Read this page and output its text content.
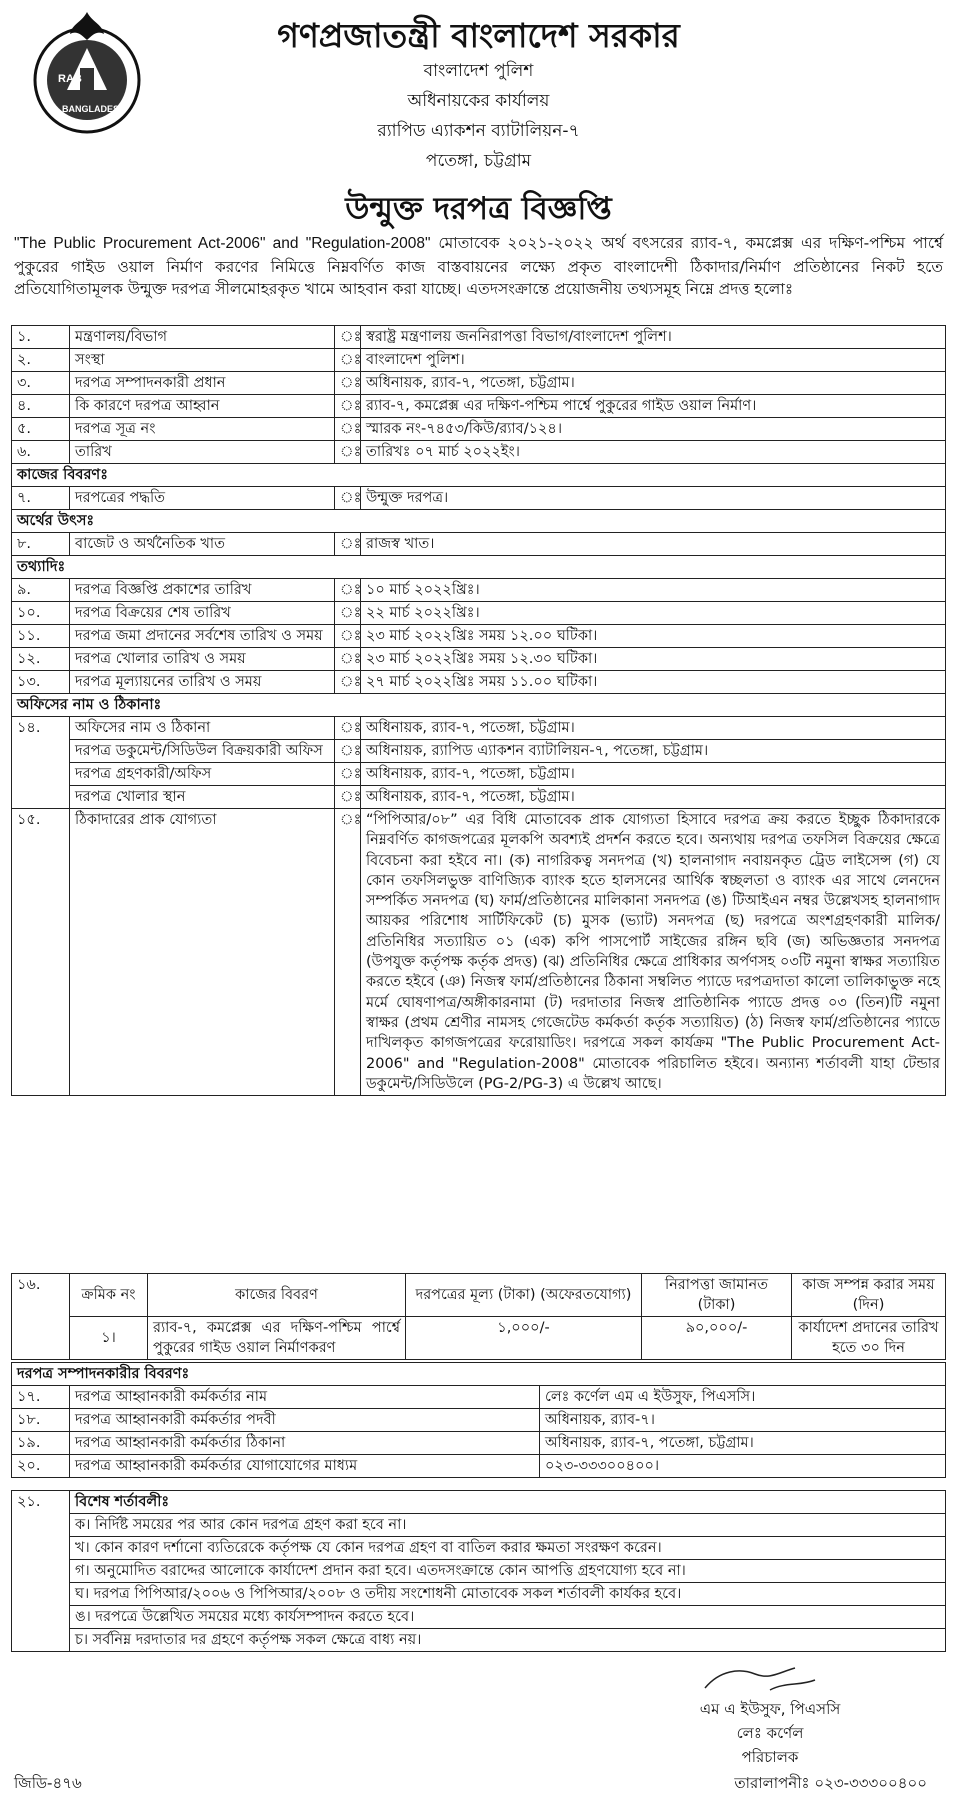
RAB
BANGLADESH
গণপ্রজাতন্ত্রী বাংলাদেশ সরকার
বাংলাদেশ পুলিশ
অধিনায়কের কার্যালয়
র‌্যাপিড এ্যাকশন ব্যাটালিয়ন-৭
পতেঙ্গা, চট্টগ্রাম
উন্মুক্ত দরপত্র বিজ্ঞপ্তি
"The Public Procurement Act-2006" and "Regulation-2008" মোতাবেক ২০২১-২০২২ অর্থ বৎসরের র‌্যাব-৭, কমপ্লেক্স এর দক্ষিণ-পশ্চিম পার্শ্বে পুকুরের গাইড ওয়াল নির্মাণ করণের নিমিত্তে নিম্নবর্ণিত কাজ বাস্তবায়নের লক্ষ্যে প্রকৃত বাংলাদেশী ঠিকাদার/নির্মাণ প্রতিষ্ঠানের নিকট হতে প্রতিযোগিতামূলক উন্মুক্ত দরপত্র সীলমোহরকৃত খামে আহবান করা যাচ্ছে। এতদসংক্রান্তে প্রয়োজনীয় তথ্যসমূহ নিম্নে প্রদত্ত হলোঃ
১.	মন্ত্রণালয়/বিভাগ	ঃ	স্বরাষ্ট্র মন্ত্রণালয় জননিরাপত্তা বিভাগ/বাংলাদেশ পুলিশ।
২.	সংস্থা	ঃ	বাংলাদেশ পুলিশ।
৩.	দরপত্র সম্পাদনকারী প্রধান	ঃ	অধিনায়ক, র‌্যাব-৭, পতেঙ্গা, চট্টগ্রাম।
৪.	কি কারণে দরপত্র আহ্বান	ঃ	র‌্যাব-৭, কমপ্লেক্স এর দক্ষিণ-পশ্চিম পার্শ্বে পুকুরের গাইড ওয়াল নির্মাণ।
৫.	দরপত্র সূত্র নং	ঃ	স্মারক নং-৭৪৫৩/কিউ/র‌্যাব/১২৪।
৬.	তারিখ	ঃ	তারিখঃ ০৭ মার্চ ২০২২ইং।
কাজের বিবরণঃ			
৭.	দরপত্রের পদ্ধতি	ঃ	উন্মুক্ত দরপত্র।
অর্থের উৎসঃ			
৮.	বাজেট ও অর্থনৈতিক খাত	ঃ	রাজস্ব খাত।
তথ্যাদিঃ			
৯.	দরপত্র বিজ্ঞপ্তি প্রকাশের তারিখ	ঃ	১০ মার্চ ২০২২খ্রিঃ।
১০.	দরপত্র বিক্রয়ের শেষ তারিখ	ঃ	২২ মার্চ ২০২২খ্রিঃ।
১১.	দরপত্র জমা প্রদানের সর্বশেষ তারিখ ও সময়	ঃ	২৩ মার্চ ২০২২খ্রিঃ সময় ১২.০০ ঘটিকা।
১২.	দরপত্র খোলার তারিখ ও সময়	ঃ	২৩ মার্চ ২০২২খ্রিঃ সময় ১২.৩০ ঘটিকা।
১৩.	দরপত্র মূল্যায়নের তারিখ ও সময়	ঃ	২৭ মার্চ ২০২২খ্রিঃ সময় ১১.০০ ঘটিকা।
অফিসের নাম ও ঠিকানাঃ			
১৪.	অফিসের নাম ও ঠিকানা	ঃ	অধিনায়ক, র‌্যাব-৭, পতেঙ্গা, চট্টগ্রাম।
	দরপত্র ডকুমেন্ট/সিডিউল বিক্রয়কারী অফিস	ঃ	অধিনায়ক, র‌্যাপিড এ্যাকশন ব্যাটালিয়ন-৭, পতেঙ্গা, চট্টগ্রাম।
	দরপত্র গ্রহণকারী/অফিস	ঃ	অধিনায়ক, র‌্যাব-৭, পতেঙ্গা, চট্টগ্রাম।
	দরপত্র খোলার স্থান	ঃ	অধিনায়ক, র‌্যাব-৭, পতেঙ্গা, চট্টগ্রাম।
১৫.	ঠিকাদারের প্রাক যোগ্যতা	ঃ	“পিপিআর/০৮” এর বিধি মোতাবেক প্রাক যোগ্যতা হিসাবে দরপত্র ক্রয় করতে ইচ্ছুক ঠিকাদারকে নিম্নবর্ণিত কাগজপত্রের মূলকপি অবশ্যই প্রদর্শন করতে হবে। অন্যথায় দরপত্র তফসিল বিক্রয়ের ক্ষেত্রে বিবেচনা করা হইবে না। (ক) নাগরিকত্ব সনদপত্র (খ) হালনাগাদ নবায়নকৃত ট্রেড লাইসেন্স (গ) যে কোন তফসিলভুক্ত বাণিজ্যিক ব্যাংক হতে হালসনের আর্থিক স্বচ্ছলতা ও ব্যাংক এর সাথে লেনদেন সম্পর্কিত সনদপত্র (ঘ) ফার্ম/প্রতিষ্ঠানের মালিকানা সনদপত্র (ঙ) টিআইএন নম্বর উল্লেখসহ হালনাগাদ আয়কর পরিশোধ সার্টিফিকেট (চ) মুসক (ভ্যাট) সনদপত্র (ছ) দরপত্রে অংশগ্রহণকারী মালিক/প্রতিনিধির সত্যায়িত ০১ (এক) কপি পাসপোর্ট সাইজের রঙ্গিন ছবি (জ) অভিজ্ঞতার সনদপত্র (উপযুক্ত কর্তৃপক্ষ কর্তৃক প্রদত্ত) (ঝ) প্রতিনিধির ক্ষেত্রে প্রাধিকার অর্পণসহ ০৩টি নমুনা স্বাক্ষর সত্যায়িত করতে হইবে (ঞ) নিজস্ব ফার্ম/প্রতিষ্ঠানের ঠিকানা সম্বলিত প্যাডে দরপত্রদাতা কালো তালিকাভুক্ত নহে মর্মে ঘোষণাপত্র/অঙ্গীকারনামা (ট) দরদাতার নিজস্ব প্রাতিষ্ঠানিক প্যাডে প্রদত্ত ০৩ (তিন)টি নমুনা স্বাক্ষর (প্রথম শ্রেণীর নামসহ গেজেটেড কর্মকর্তা কর্তৃক সত্যায়িত) (ঠ) নিজস্ব ফার্ম/প্রতিষ্ঠানের প্যাডে দাখিলকৃত কাগজপত্রের ফরোয়াডিং। দরপত্রে সকল কার্যক্রম "The Public Procurement Act-2006" and "Regulation-2008" মোতাবেক পরিচালিত হইবে। অন্যান্য শর্তাবলী যাহা টেন্ডার ডকুমেন্ট/সিডিউলে (PG-2/PG-3) এ উল্লেখ আছে।
১৬.	ক্রমিক নং	কাজের বিবরণ	দরপত্রের মূল্য (টাকা) (অফেরতযোগ্য)	নিরাপত্তা জামানত (টাকা)	কাজ সম্পন্ন করার সময় (দিন)
	১।	র‌্যাব-৭, কমপ্লেক্স এর দক্ষিণ-পশ্চিম পার্শ্বে পুকুরের গাইড ওয়াল নির্মাণকরণ	১,০০০/-	৯০,০০০/-	কার্যাদেশ প্রদানের তারিখ হতে ৩০ দিন
দরপত্র সম্পাদনকারীর বিবরণঃ		
১৭.	দরপত্র আহ্বানকারী কর্মকর্তার নাম	লেঃ কর্ণেল এম এ ইউসুফ, পিএসসি।
১৮.	দরপত্র আহ্বানকারী কর্মকর্তার পদবী	অধিনায়ক, র‌্যাব-৭।
১৯.	দরপত্র আহ্বানকারী কর্মকর্তার ঠিকানা	অধিনায়ক, র‌্যাব-৭, পতেঙ্গা, চট্টগ্রাম।
২০.	দরপত্র আহ্বানকারী কর্মকর্তার যোগাযোগের মাধ্যম	০২৩-৩৩৩০০৪০০।
২১.	বিশেষ শর্তাবলীঃ
ক। নির্দিষ্ট সময়ের পর আর কোন দরপত্র গ্রহণ করা হবে না।
খ। কোন কারণ দর্শানো ব্যতিরেকে কর্তৃপক্ষ যে কোন দরপত্র গ্রহণ বা বাতিল করার ক্ষমতা সংরক্ষণ করেন।
গ। অনুমোদিত বরাদ্দের আলোকে কার্যাদেশ প্রদান করা হবে। এতদসংক্রান্তে কোন আপত্তি গ্রহণযোগ্য হবে না।
ঘ। দরপত্র পিপিআর/২০০৬ ও পিপিআর/২০০৮ ও তদীয় সংশোধনী মোতাবেক সকল শর্তাবলী কার্যকর হবে।
ঙ। দরপত্রে উল্লেখিত সময়ের মধ্যে কার্যসম্পাদন করতে হবে।
চ। সর্বনিম্ন দরদাতার দর গ্রহণে কর্তৃপক্ষ সকল ক্ষেত্রে বাধ্য নয়।
এম এ ইউসুফ, পিএসসি
লেঃ কর্ণেল
পরিচালক
জিডি-৪৭৬	তারালাপনীঃ ০২৩-৩৩৩০০৪০০
